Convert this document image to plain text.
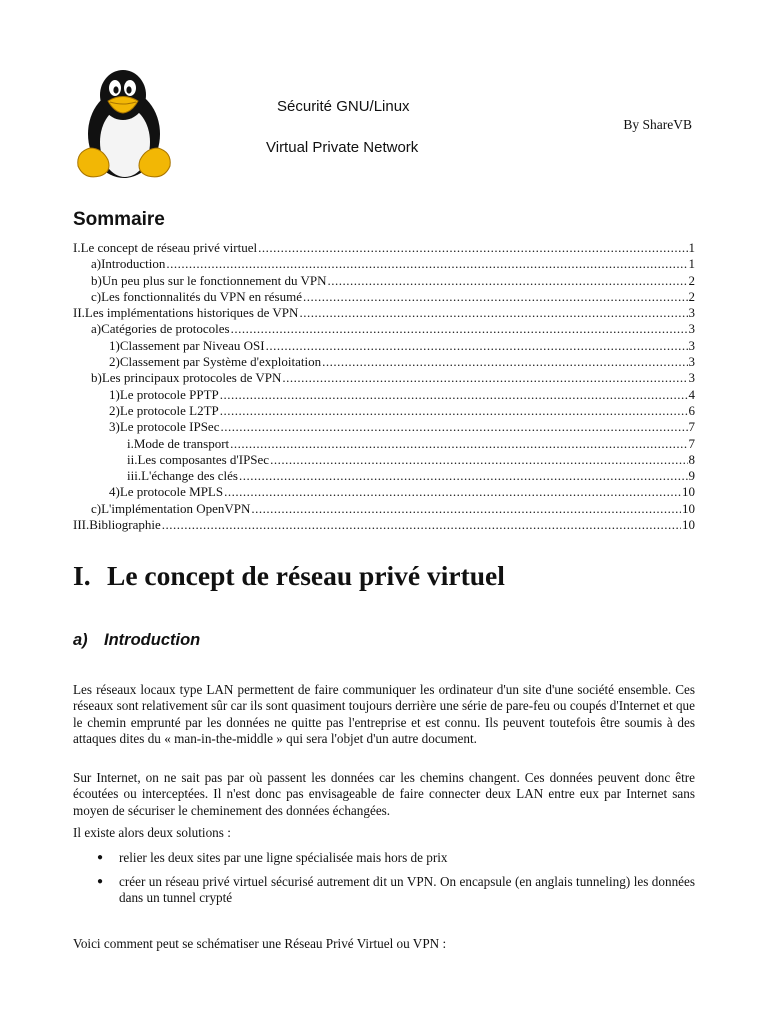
Sécurité GNU/Linux
Virtual Private Network
By ShareVB
Sommaire
I.Le concept de réseau privé virtuel .....	1
a)Introduction .....	1
b)Un peu plus sur le fonctionnement du VPN .....	2
c)Les fonctionnalités du VPN en résumé .....	2
II.Les implémentations historiques de VPN .....	3
a)Catégories de protocoles .....	3
1)Classement par Niveau OSI .....	3
2)Classement par Système d'exploitation .....	3
b)Les principaux protocoles de VPN .....	3
1)Le protocole PPTP .....	4
2)Le protocole L2TP .....	6
3)Le protocole IPSec .....	7
i.Mode de transport .....	7
ii.Les composantes d'IPSec .....	8
iii.L'échange des clés .....	9
4)Le protocole MPLS .....	10
c)L'implémentation OpenVPN .....	10
III.Bibliographie .....	10
I. Le concept de réseau privé virtuel
a) Introduction
Les réseaux locaux type LAN permettent de faire communiquer les ordinateur d'un site d'une société ensemble. Ces réseaux sont relativement sûr car ils sont quasiment toujours derrière une série de pare-feu ou coupés d'Internet et que le chemin emprunté par les données ne quitte pas l'entreprise et est connu. Ils peuvent toutefois être soumis à des attaques dites du « man-in-the-middle » qui sera l'objet d'un autre document.
Sur Internet, on ne sait pas par où passent les données car les chemins changent. Ces données peuvent donc être écoutées ou interceptées. Il n'est donc pas envisageable de faire connecter deux LAN entre eux par Internet sans moyen de sécuriser le cheminement des données échangées.
Il existe alors deux solutions :
●	relier les deux sites par une ligne spécialisée mais hors de prix
●	créer un réseau privé virtuel sécurisé autrement dit un VPN. On encapsule (en anglais tunneling) les données dans un tunnel crypté
Voici comment peut se schématiser une Réseau Privé Virtuel ou VPN :
